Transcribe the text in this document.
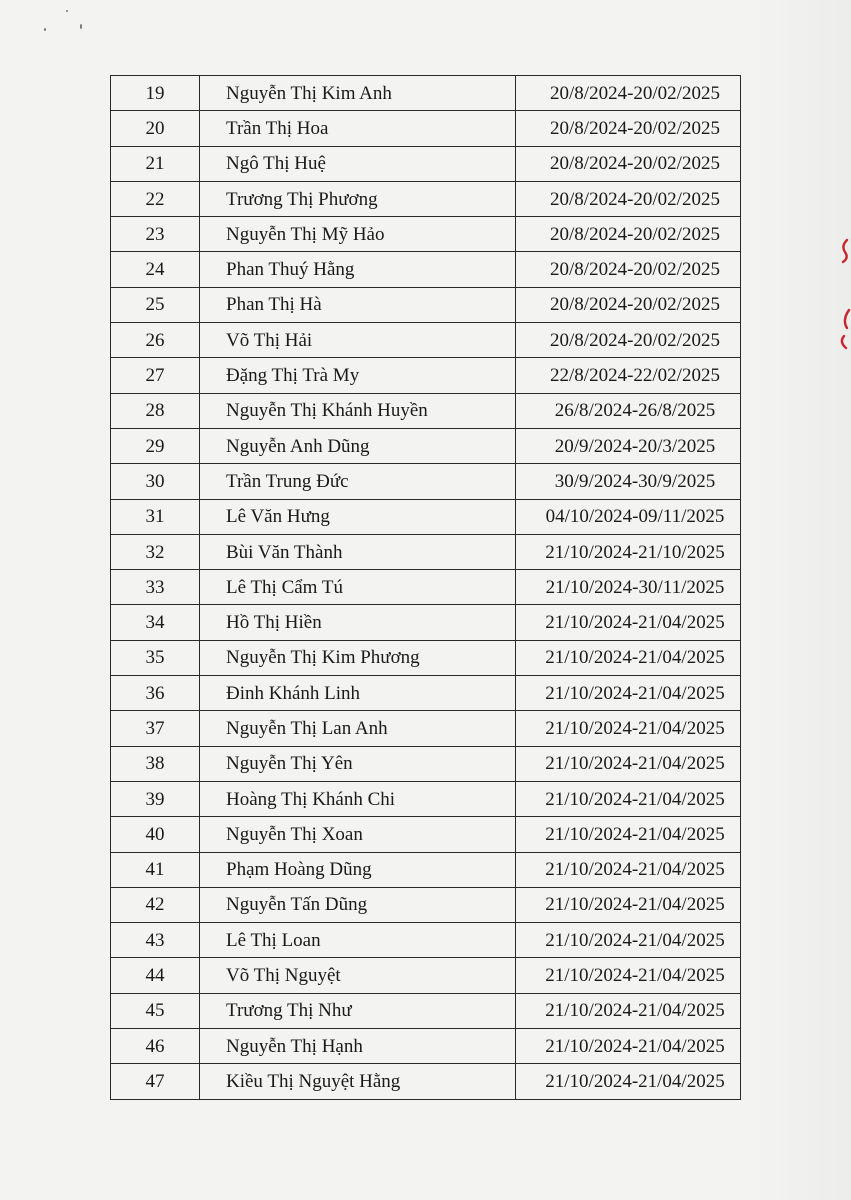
19	Nguyễn Thị Kim Anh	20/8/2024-20/02/2025
20	Trần Thị Hoa	20/8/2024-20/02/2025
21	Ngô Thị Huệ	20/8/2024-20/02/2025
22	Trương Thị Phương	20/8/2024-20/02/2025
23	Nguyễn Thị Mỹ Hảo	20/8/2024-20/02/2025
24	Phan Thuý Hằng	20/8/2024-20/02/2025
25	Phan Thị Hà	20/8/2024-20/02/2025
26	Võ Thị Hải	20/8/2024-20/02/2025
27	Đặng Thị Trà My	22/8/2024-22/02/2025
28	Nguyễn Thị Khánh Huyền	26/8/2024-26/8/2025
29	Nguyễn Anh Dũng	20/9/2024-20/3/2025
30	Trần Trung Đức	30/9/2024-30/9/2025
31	Lê Văn Hưng	04/10/2024-09/11/2025
32	Bùi Văn Thành	21/10/2024-21/10/2025
33	Lê Thị Cẩm Tú	21/10/2024-30/11/2025
34	Hồ Thị Hiền	21/10/2024-21/04/2025
35	Nguyễn Thị Kim Phương	21/10/2024-21/04/2025
36	Đinh Khánh Linh	21/10/2024-21/04/2025
37	Nguyễn Thị Lan Anh	21/10/2024-21/04/2025
38	Nguyễn Thị Yên	21/10/2024-21/04/2025
39	Hoàng Thị Khánh Chi	21/10/2024-21/04/2025
40	Nguyễn Thị Xoan	21/10/2024-21/04/2025
41	Phạm Hoàng Dũng	21/10/2024-21/04/2025
42	Nguyễn Tấn Dũng	21/10/2024-21/04/2025
43	Lê Thị Loan	21/10/2024-21/04/2025
44	Võ Thị Nguyệt	21/10/2024-21/04/2025
45	Trương Thị Như	21/10/2024-21/04/2025
46	Nguyễn Thị Hạnh	21/10/2024-21/04/2025
47	Kiều Thị Nguyệt Hằng	21/10/2024-21/04/2025
